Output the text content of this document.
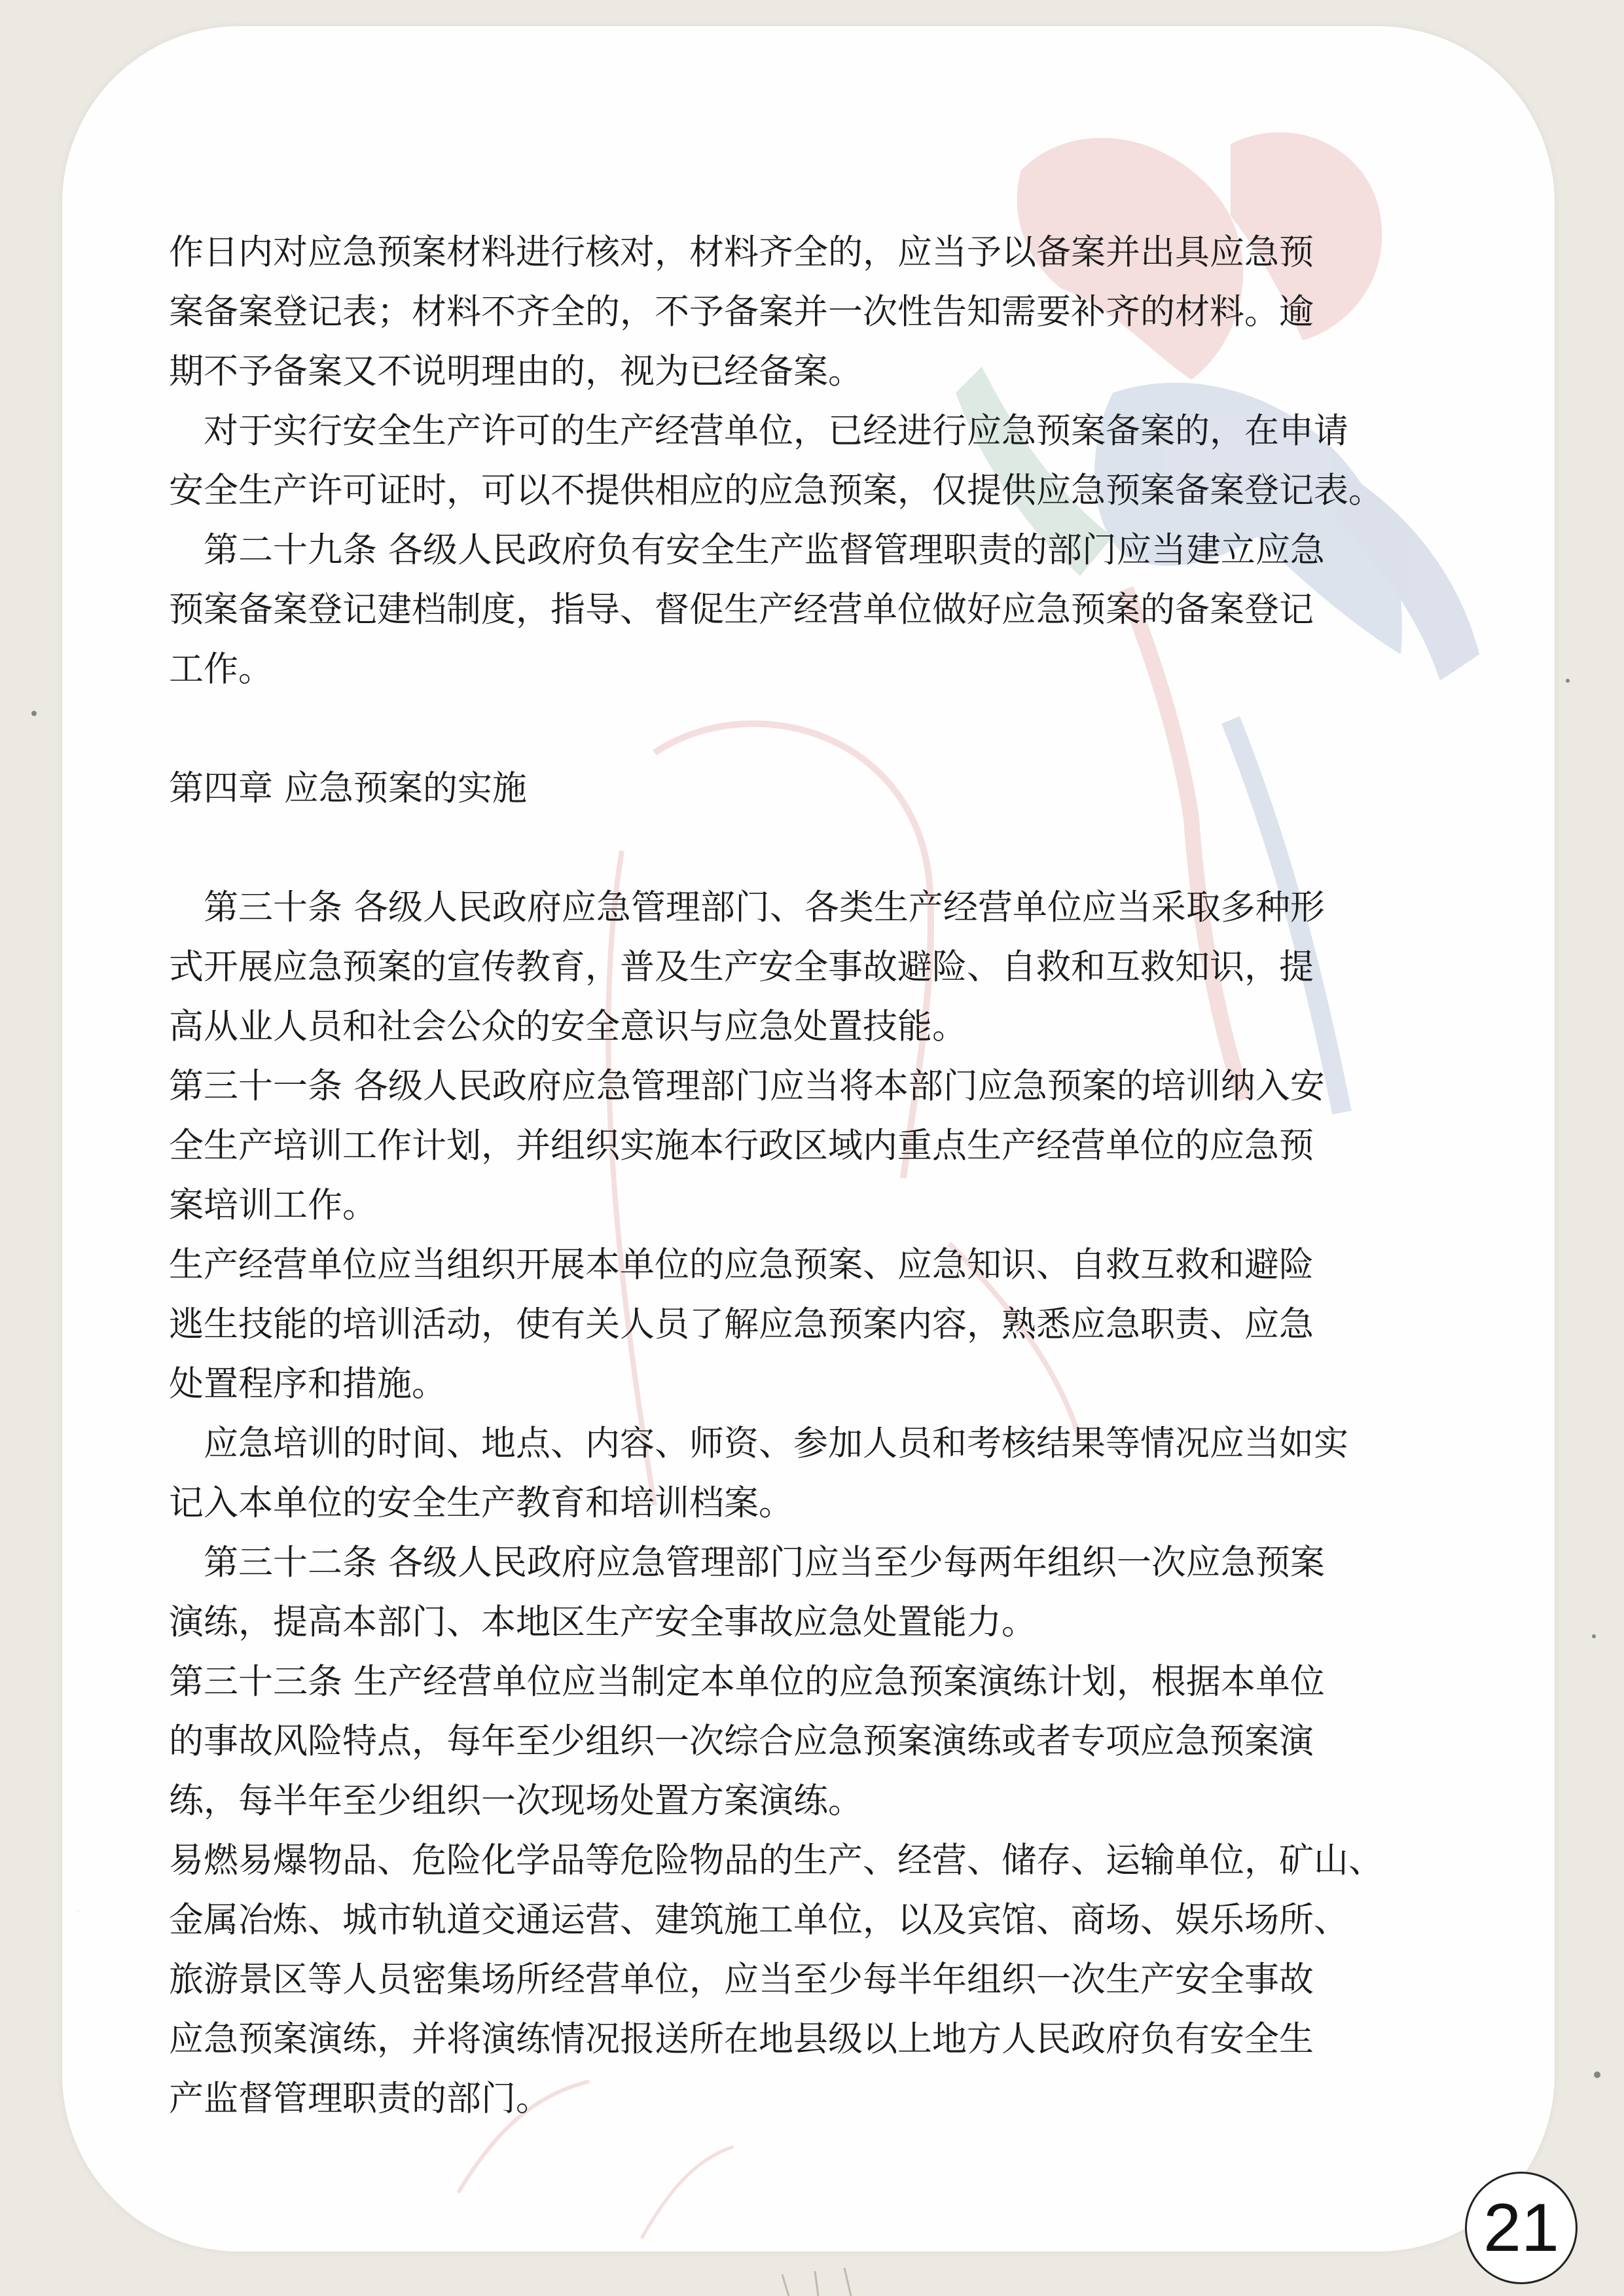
作日内对应急预案材料进行核对，材料齐全的，应当予以备案并出具应急预

案备案登记表；材料不齐全的，不予备案并一次性告知需要补齐的材料。逾

期不予备案又不说明理由的，视为已经备案。

　对于实行安全生产许可的生产经营单位，已经进行应急预案备案的，在申请

安全生产许可证时，可以不提供相应的应急预案，仅提供应急预案备案登记表。

　第二十九条 各级人民政府负有安全生产监督管理职责的部门应当建立应急

预案备案登记建档制度，指导、督促生产经营单位做好应急预案的备案登记

工作。

第四章 应急预案的实施

　第三十条 各级人民政府应急管理部门、各类生产经营单位应当采取多种形

式开展应急预案的宣传教育，普及生产安全事故避险、自救和互救知识，提

高从业人员和社会公众的安全意识与应急处置技能。

第三十一条 各级人民政府应急管理部门应当将本部门应急预案的培训纳入安

全生产培训工作计划，并组织实施本行政区域内重点生产经营单位的应急预

案培训工作。

生产经营单位应当组织开展本单位的应急预案、应急知识、自救互救和避险

逃生技能的培训活动，使有关人员了解应急预案内容，熟悉应急职责、应急

处置程序和措施。

　应急培训的时间、地点、内容、师资、参加人员和考核结果等情况应当如实

记入本单位的安全生产教育和培训档案。

　第三十二条 各级人民政府应急管理部门应当至少每两年组织一次应急预案

演练，提高本部门、本地区生产安全事故应急处置能力。

第三十三条 生产经营单位应当制定本单位的应急预案演练计划，根据本单位

的事故风险特点，每年至少组织一次综合应急预案演练或者专项应急预案演

练，每半年至少组织一次现场处置方案演练。

易燃易爆物品、危险化学品等危险物品的生产、经营、储存、运输单位，矿山、

金属冶炼、城市轨道交通运营、建筑施工单位，以及宾馆、商场、娱乐场所、

旅游景区等人员密集场所经营单位，应当至少每半年组织一次生产安全事故

应急预案演练，并将演练情况报送所在地县级以上地方人民政府负有安全生

产监督管理职责的部门。

21
